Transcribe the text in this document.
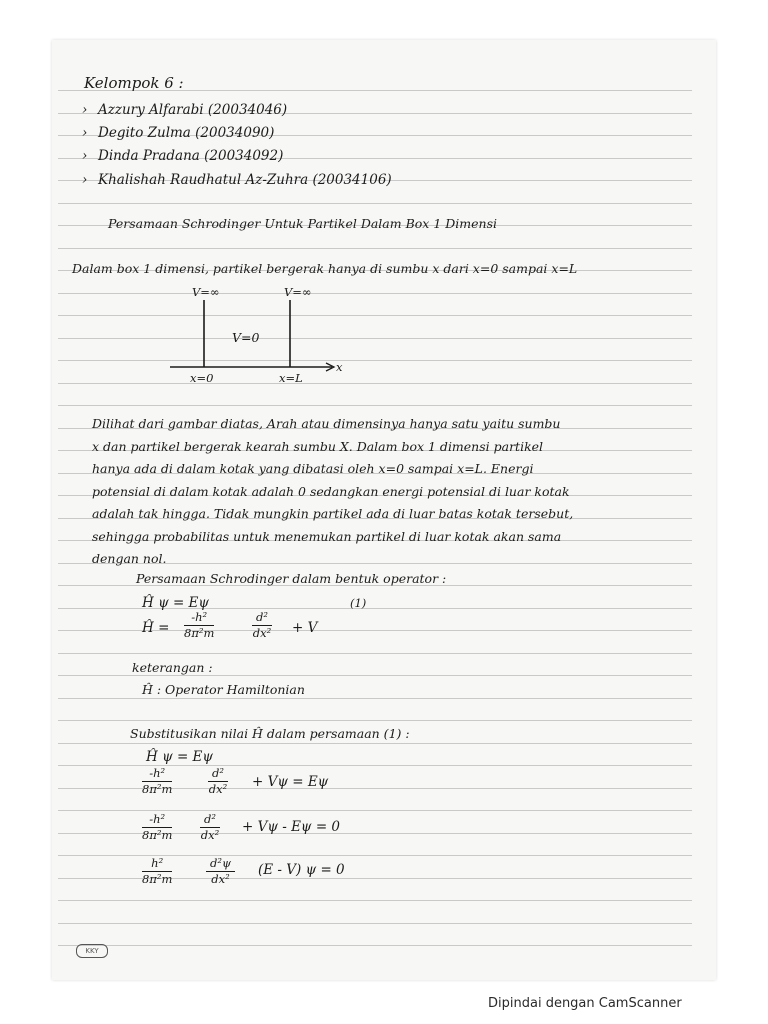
Kelompok 6 :
› Azzury Alfarabi (20034046)
› Degito Zulma (20034090)
› Dinda Pradana (20034092)
› Khalishah Raudhatul Az-Zuhra (20034106)
Persamaan Schrodinger Untuk Partikel Dalam Box 1 Dimensi
Dalam box 1 dimensi, partikel bergerak hanya di sumbu x dari x=0 sampai x=L
V=∞	V=∞
V=0
x
x=0	x=L
Dilihat dari gambar diatas, Arah atau dimensinya hanya satu yaitu sumbu
x dan partikel bergerak kearah sumbu X. Dalam box 1 dimensi partikel
hanya ada di dalam kotak yang dibatasi oleh x=0 sampai x=L. Energi
potensial di dalam kotak adalah 0 sedangkan energi potensial di luar kotak
adalah tak hingga. Tidak mungkin partikel ada di luar batas kotak tersebut,
sehingga probabilitas untuk menemukan partikel di luar kotak akan sama
dengan nol.
Persamaan Schrodinger dalam bentuk operator :
Ĥ ψ = Eψ	(1)
Ĥ = $\frac{\text{-h²}}{\text{8π²m}}$	$\frac{\text{d²}}{\text{dx²}} + V$
keterangan :
Ĥ : Operator Hamiltonian
Substitusikan nilai Ĥ dalam persamaan (1) :
Ĥ ψ = Eψ
$\frac{\text{-h²}}{\text{8π²m}}$	$\frac{\text{d²}}{\text{dx²}} + V\psi = E\psi$
$\frac{\text{-h²}}{\text{8π²m}} \frac{\text{d²}}{\text{dx²}} + V\psi - E\psi = 0$
$\frac{\text{h²}}{\text{8π²m}}$	$\frac{\text{d²ψ}}{\text{dx²}} (E - V) \psi = 0$
KKY
Dipindai dengan CamScanner
